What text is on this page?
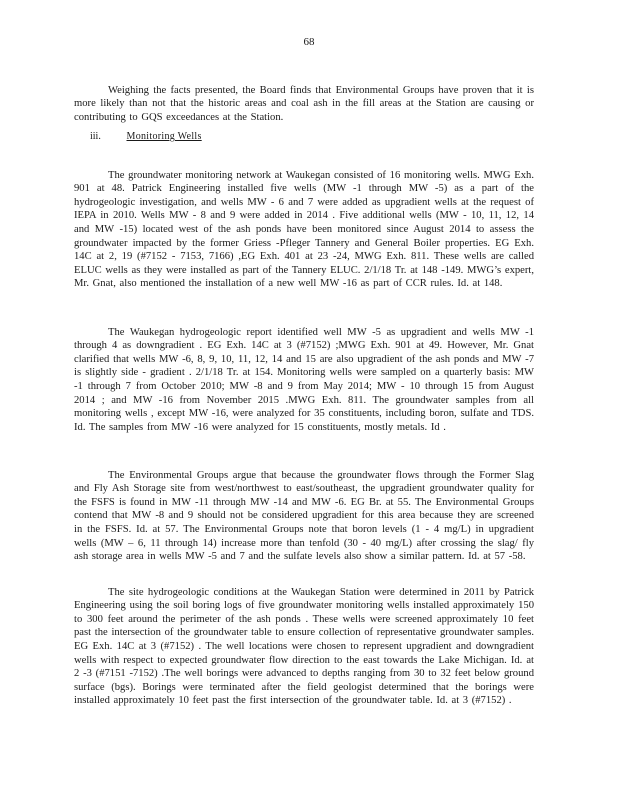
68

Weighing the facts presented, the Board finds that Environmental Groups have proven that it is more likely than not that the historic areas and coal ash in the fill areas at the Station are causing or contributing to GQS exceedances at the Station.

iii.	Monitoring Wells

The groundwater monitoring network at Waukegan consisted of 16 monitoring wells. MWG Exh. 901 at 48. Patrick Engineering installed five wells (MW -1 through MW -5) as a part of the hydrogeologic investigation, and wells MW - 6 and 7 were added as upgradient wells at the request of IEPA in 2010. Wells MW - 8 and 9 were added in 2014 . Five additional wells (MW - 10, 11, 12, 14 and MW -15) located west of the ash ponds have been monitored since August 2014 to assess the groundwater impacted by the former Griess -Pfleger Tannery and General Boiler properties. EG Exh. 14C at 2, 19 (#7152 - 7153, 7166) ,EG Exh. 401 at 23 -24, MWG Exh. 811. These wells are called ELUC wells as they were installed as part of the Tannery ELUC. 2/1/18 Tr. at 148 -149. MWG’s expert, Mr. Gnat, also mentioned the installation of a new well MW -16 as part of CCR rules. Id. at 148.

The Waukegan hydrogeologic report identified well MW -5 as upgradient and wells MW -1 through 4 as downgradient . EG Exh. 14C at 3 (#7152) ;MWG Exh. 901 at 49. However, Mr. Gnat clarified that wells MW -6, 8, 9, 10, 11, 12, 14 and 15 are also upgradient of the ash ponds and MW -7 is slightly side - gradient . 2/1/18 Tr. at 154. Monitoring wells were sampled on a quarterly basis: MW -1 through 7 from October 2010; MW -8 and 9 from May 2014; MW - 10 through 15 from August 2014 ; and MW -16 from November 2015 .MWG Exh. 811. The groundwater samples from all monitoring wells , except MW -16, were analyzed for 35 constituents, including boron, sulfate and TDS. Id. The samples from MW -16 were analyzed for 15 constituents, mostly metals. Id .

The Environmental Groups argue that because the groundwater flows through the Former Slag and Fly Ash Storage site from west/northwest to east/southeast, the upgradient groundwater quality for the FSFS is found in MW -11 through MW -14 and MW -6. EG Br. at 55. The Environmental Groups contend that MW -8 and 9 should not be considered upgradient for this area because they are screened in the FSFS. Id. at 57. The Environmental Groups note that boron levels (1 - 4 mg/L) in upgradient wells (MW – 6, 11 through 14) increase more than tenfold (30 - 40 mg/L) after crossing the slag/ fly ash storage area in wells MW -5 and 7 and the sulfate levels also show a similar pattern. Id. at 57 -58.

The site hydrogeologic conditions at the Waukegan Station were determined in 2011 by Patrick Engineering using the soil boring logs of five groundwater monitoring wells installed approximately 150 to 300 feet around the perimeter of the ash ponds . These wells were screened approximately 10 feet past the intersection of the groundwater table to ensure collection of representative groundwater samples. EG Exh. 14C at 3 (#7152) . The well locations were chosen to represent upgradient and downgradient wells with respect to expected groundwater flow direction to the east towards the Lake Michigan. Id. at 2 -3 (#7151 -7152) .The well borings were advanced to depths ranging from 30 to 32 feet below ground surface (bgs). Borings were terminated after the field geologist determined that the borings were installed approximately 10 feet past the first intersection of the groundwater table. Id. at 3 (#7152) .
